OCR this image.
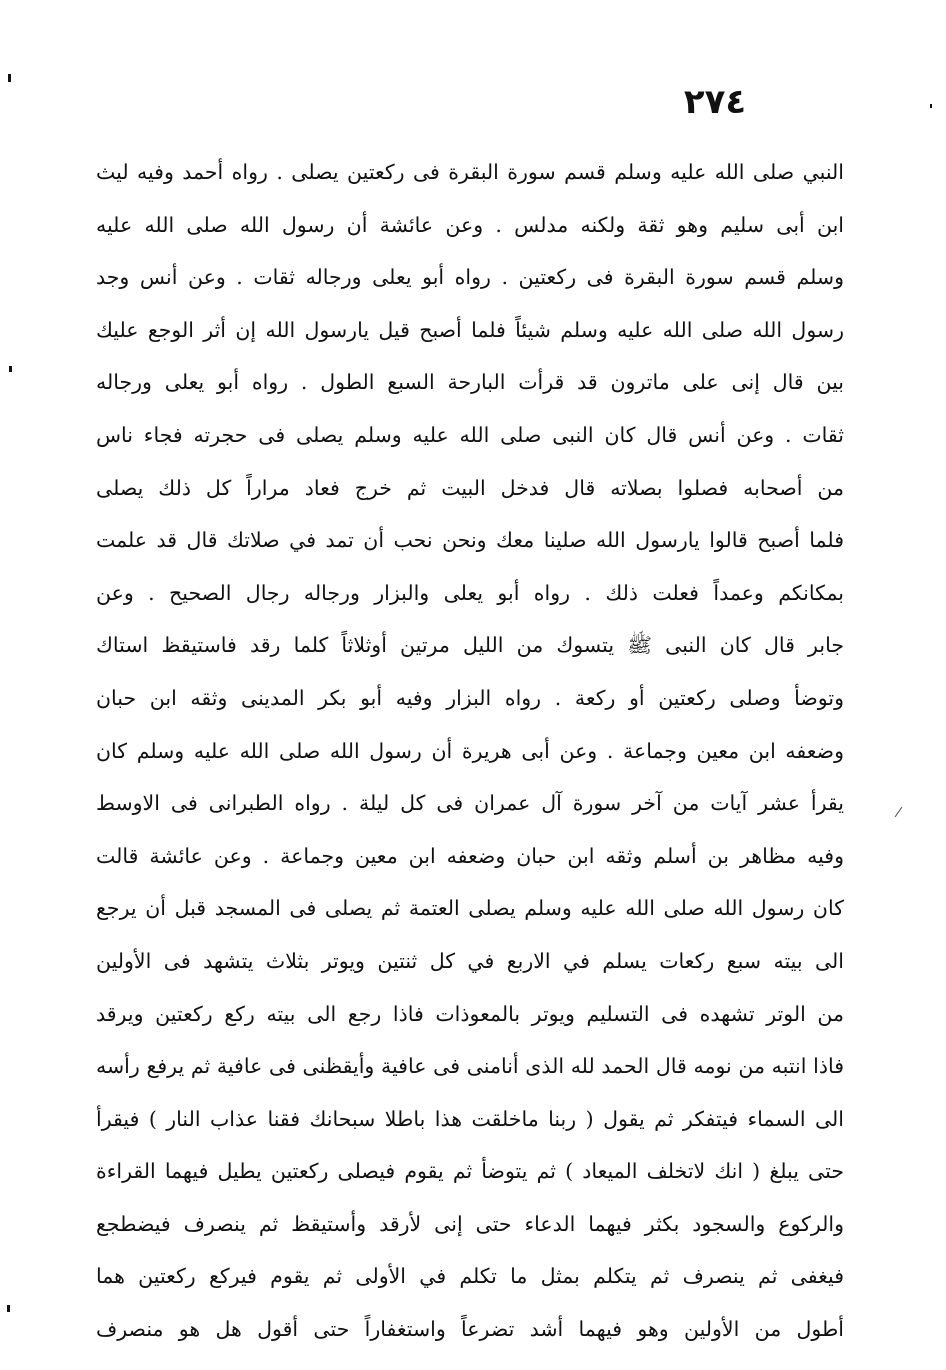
٢٧٤
النبي صلى الله عليه وسلم قسم سورة البقرة فى ركعتين يصلى . رواه أحمد وفيه ليث
ابن أبى سليم وهو ثقة ولكنه مدلس . وعن عائشة أن رسول الله صلى الله عليه
وسلم قسم سورة البقرة فى ركعتين . رواه أبو يعلى ورجاله ثقات . وعن أنس وجد
رسول الله صلى الله عليه وسلم شيئاً فلما أصبح قيل يارسول الله إن أثر الوجع عليك
بين قال إنى على ماترون قد قرأت البارحة السبع الطول . رواه أبو يعلى ورجاله
ثقات . وعن أنس قال كان النبى صلى الله عليه وسلم يصلى فى حجرته فجاء ناس
من أصحابه فصلوا بصلاته قال فدخل البيت ثم خرج فعاد مراراً كل ذلك يصلى
فلما أصبح قالوا يارسول الله صلينا معك ونحن نحب أن تمد في صلاتك قال قد علمت
بمكانكم وعمداً فعلت ذلك . رواه أبو يعلى والبزار ورجاله رجال الصحيح . وعن
جابر قال كان النبى ﷺ يتسوك من الليل مرتين أوثلاثاً كلما رقد فاستيقظ استاك
وتوضأ وصلى ركعتين أو ركعة . رواه البزار وفيه أبو بكر المدينى وثقه ابن حبان
وضعفه ابن معين وجماعة . وعن أبى هريرة أن رسول الله صلى الله عليه وسلم كان
يقرأ عشر آيات من آخر سورة آل عمران فى كل ليلة . رواه الطبرانى فى الاوسط
وفيه مظاهر بن أسلم وثقه ابن حبان وضعفه ابن معين وجماعة . وعن عائشة قالت
كان رسول الله صلى الله عليه وسلم يصلى العتمة ثم يصلى فى المسجد قبل أن يرجع
الى بيته سبع ركعات يسلم في الاربع في كل ثنتين ويوتر بثلاث يتشهد فى الأولين
من الوتر تشهده فى التسليم ويوتر بالمعوذات فاذا رجع الى بيته ركع ركعتين ويرقد
فاذا انتبه من نومه قال الحمد لله الذى أنامنى فى عافية وأيقظنى فى عافية ثم يرفع رأسه
الى السماء فيتفكر ثم يقول ( ربنا ماخلقت هذا باطلا سبحانك فقنا عذاب النار ) فيقرأ
حتى يبلغ ( انك لاتخلف الميعاد ) ثم يتوضأ ثم يقوم فيصلى ركعتين يطيل فيهما القراءة
والركوع والسجود بكثر فيهما الدعاء حتى إنى لأرقد وأستيقظ ثم ينصرف فيضطجع
فيغفى ثم ينصرف ثم يتكلم بمثل ما تكلم في الأولى ثم يقوم فيركع ركعتين هما
أطول من الأولين وهو فيهما أشد تضرعاً واستغفاراً حتى أقول هل هو منصرف
